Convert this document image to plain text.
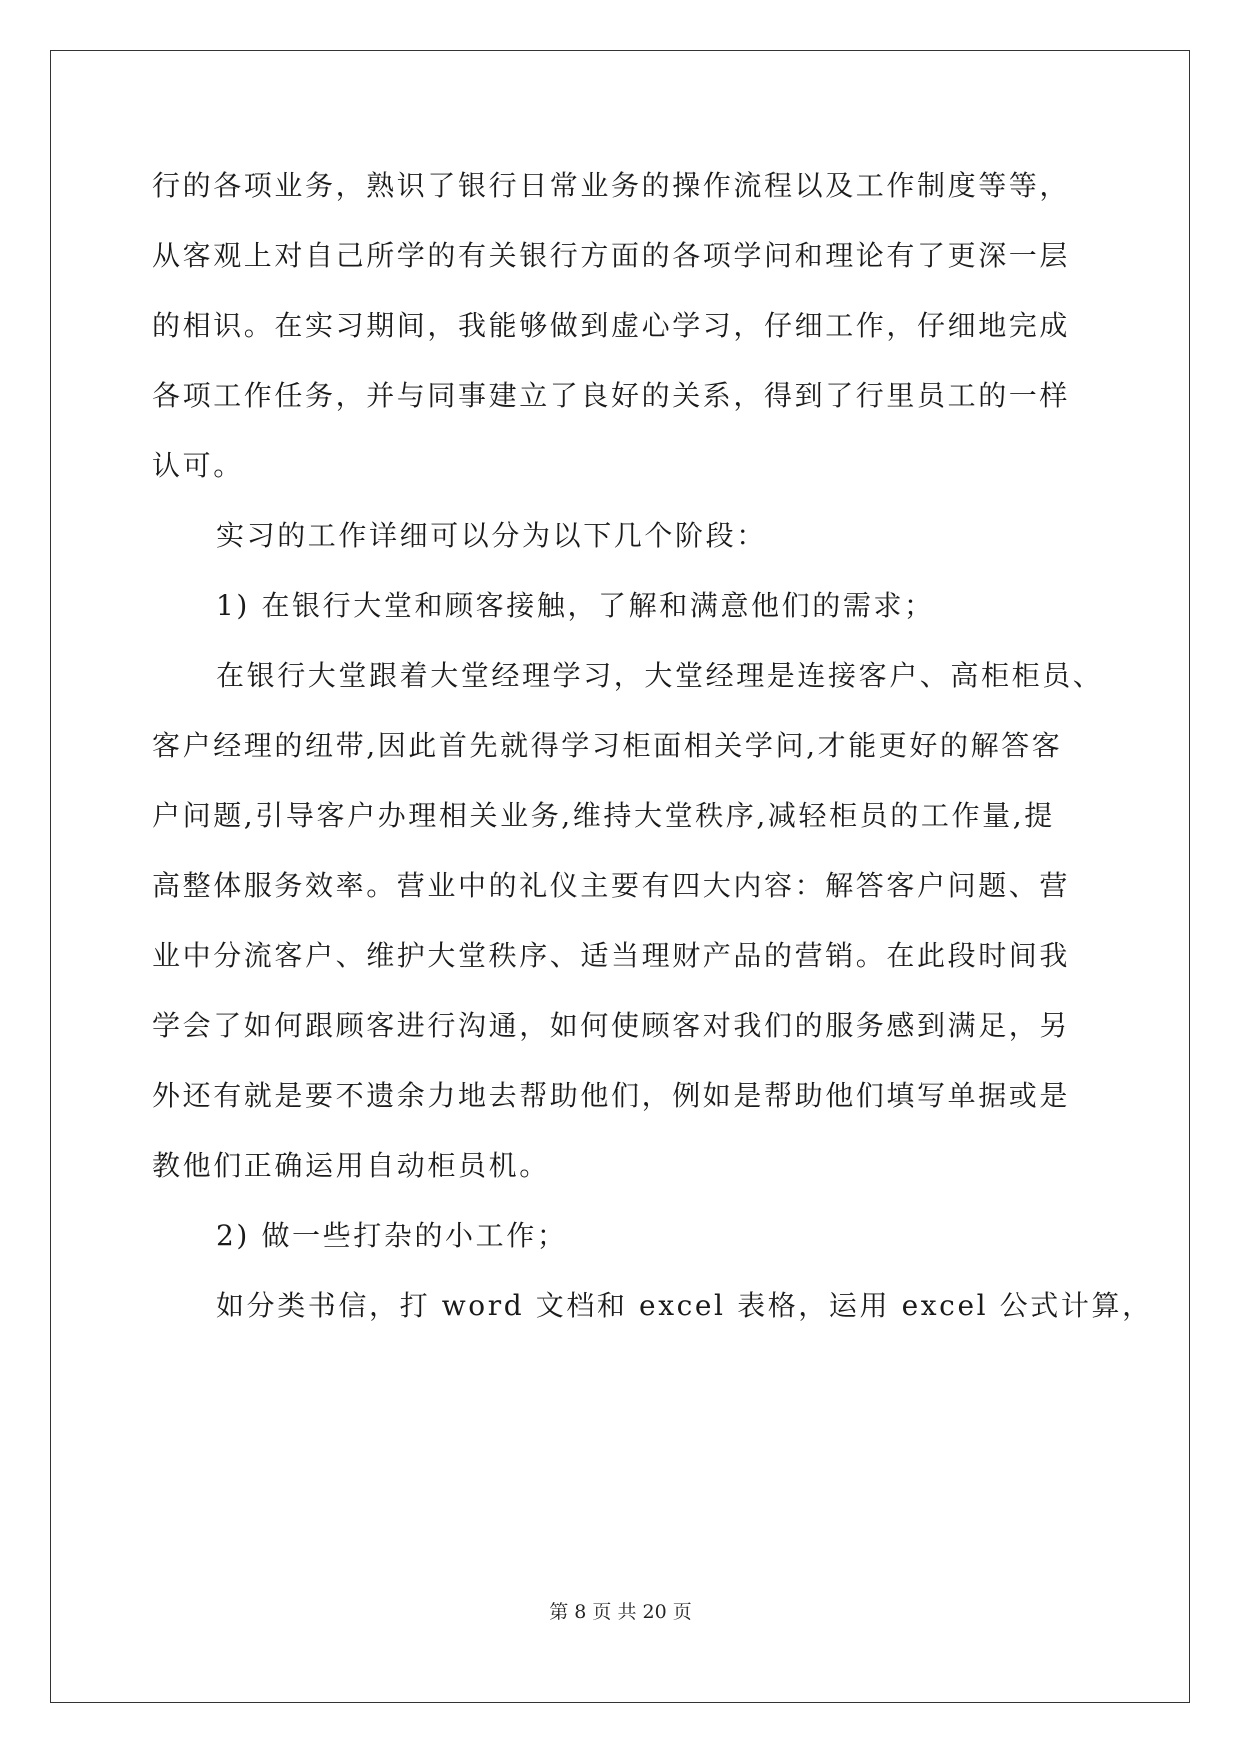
行的各项业务，熟识了银行日常业务的操作流程以及工作制度等等，
从客观上对自己所学的有关银行方面的各项学问和理论有了更深一层
的相识。在实习期间，我能够做到虚心学习，仔细工作，仔细地完成
各项工作任务，并与同事建立了良好的关系，得到了行里员工的一样
认可。
实习的工作详细可以分为以下几个阶段：
1) 在银行大堂和顾客接触，了解和满意他们的需求；
在银行大堂跟着大堂经理学习，大堂经理是连接客户、高柜柜员、
客户经理的纽带,因此首先就得学习柜面相关学问,才能更好的解答客
户问题,引导客户办理相关业务,维持大堂秩序,减轻柜员的工作量,提
高整体服务效率。营业中的礼仪主要有四大内容：解答客户问题、营
业中分流客户、维护大堂秩序、适当理财产品的营销。在此段时间我
学会了如何跟顾客进行沟通，如何使顾客对我们的服务感到满足，另
外还有就是要不遗余力地去帮助他们，例如是帮助他们填写单据或是
教他们正确运用自动柜员机。
2) 做一些打杂的小工作；
如分类书信，打 word 文档和 excel 表格，运用 excel 公式计算，
第 8 页 共 20 页
